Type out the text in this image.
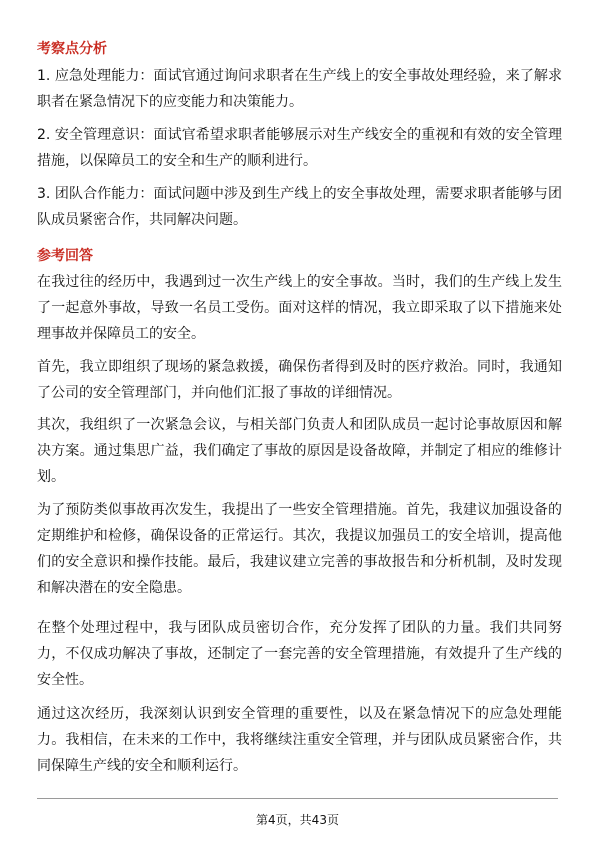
考察点分析
1. 应急处理能力：面试官通过询问求职者在生产线上的安全事故处理经验，来了解求职者在紧急情况下的应变能力和决策能力。
2. 安全管理意识：面试官希望求职者能够展示对生产线安全的重视和有效的安全管理措施，以保障员工的安全和生产的顺利进行。
3. 团队合作能力：面试问题中涉及到生产线上的安全事故处理，需要求职者能够与团队成员紧密合作，共同解决问题。
参考回答
在我过往的经历中，我遇到过一次生产线上的安全事故。当时，我们的生产线上发生了一起意外事故，导致一名员工受伤。面对这样的情况，我立即采取了以下措施来处理事故并保障员工的安全。
首先，我立即组织了现场的紧急救援，确保伤者得到及时的医疗救治。同时，我通知了公司的安全管理部门，并向他们汇报了事故的详细情况。
其次，我组织了一次紧急会议，与相关部门负责人和团队成员一起讨论事故原因和解决方案。通过集思广益，我们确定了事故的原因是设备故障，并制定了相应的维修计划。
为了预防类似事故再次发生，我提出了一些安全管理措施。首先，我建议加强设备的定期维护和检修，确保设备的正常运行。其次，我提议加强员工的安全培训，提高他们的安全意识和操作技能。最后，我建议建立完善的事故报告和分析机制，及时发现和解决潜在的安全隐患。
在整个处理过程中，我与团队成员密切合作，充分发挥了团队的力量。我们共同努力，不仅成功解决了事故，还制定了一套完善的安全管理措施，有效提升了生产线的安全性。
通过这次经历，我深刻认识到安全管理的重要性，以及在紧急情况下的应急处理能力。我相信，在未来的工作中，我将继续注重安全管理，并与团队成员紧密合作，共同保障生产线的安全和顺利运行。
第4页，共43页
